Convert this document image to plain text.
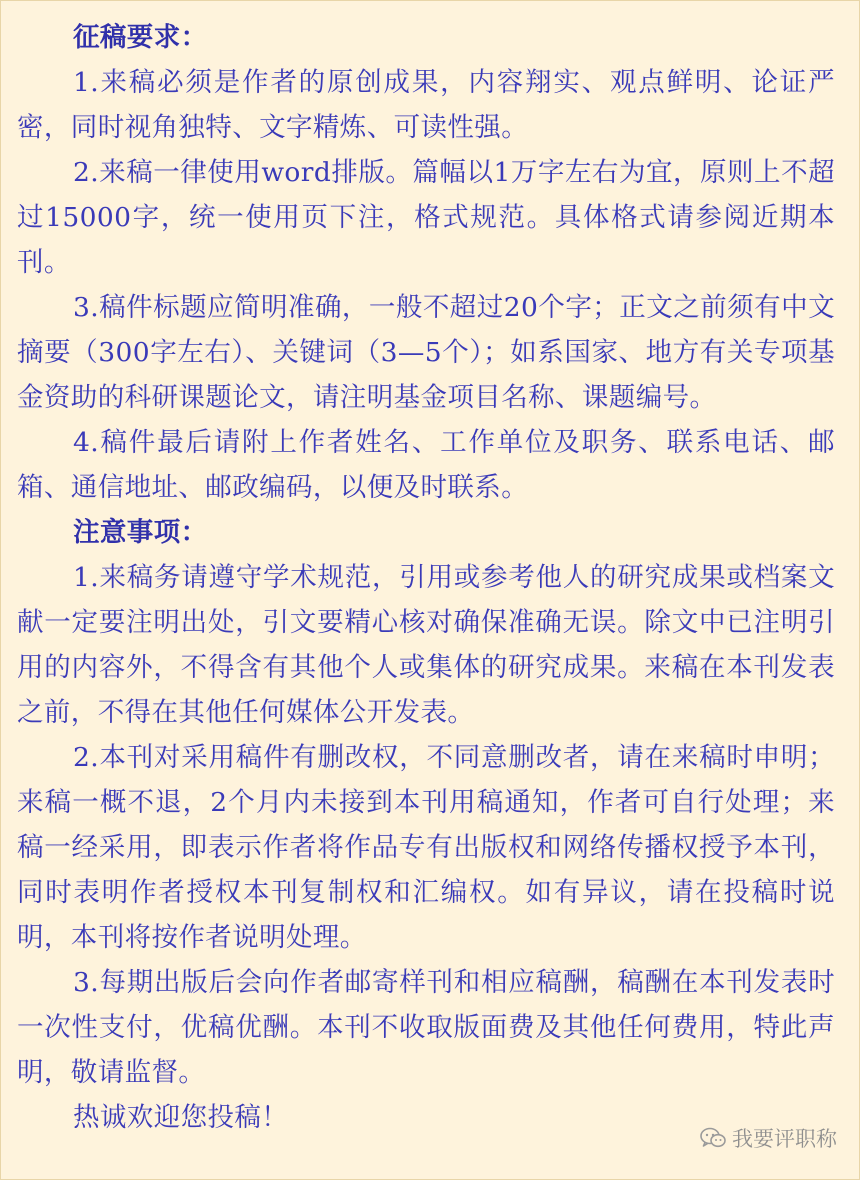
征稿要求：

1.来稿必须是作者的原创成果，内容翔实、观点鲜明、论证严密，同时视角独特、文字精炼、可读性强。

2.来稿一律使用word排版。篇幅以1万字左右为宜，原则上不超过15000字，统一使用页下注，格式规范。具体格式请参阅近期本刊。

3.稿件标题应简明准确，一般不超过20个字；正文之前须有中文摘要（300字左右）、关键词（3—5个）；如系国家、地方有关专项基金资助的科研课题论文，请注明基金项目名称、课题编号。

4.稿件最后请附上作者姓名、工作单位及职务、联系电话、邮箱、通信地址、邮政编码，以便及时联系。

注意事项：

1.来稿务请遵守学术规范，引用或参考他人的研究成果或档案文献一定要注明出处，引文要精心核对确保准确无误。除文中已注明引用的内容外，不得含有其他个人或集体的研究成果。来稿在本刊发表之前，不得在其他任何媒体公开发表。

2.本刊对采用稿件有删改权，不同意删改者，请在来稿时申明；来稿一概不退，2个月内未接到本刊用稿通知，作者可自行处理；来稿一经采用，即表示作者将作品专有出版权和网络传播权授予本刊，同时表明作者授权本刊复制权和汇编权。如有异议，请在投稿时说明，本刊将按作者说明处理。

3.每期出版后会向作者邮寄样刊和相应稿酬，稿酬在本刊发表时一次性支付，优稿优酬。本刊不收取版面费及其他任何费用，特此声明，敬请监督。

热诚欢迎您投稿！

我要评职称
